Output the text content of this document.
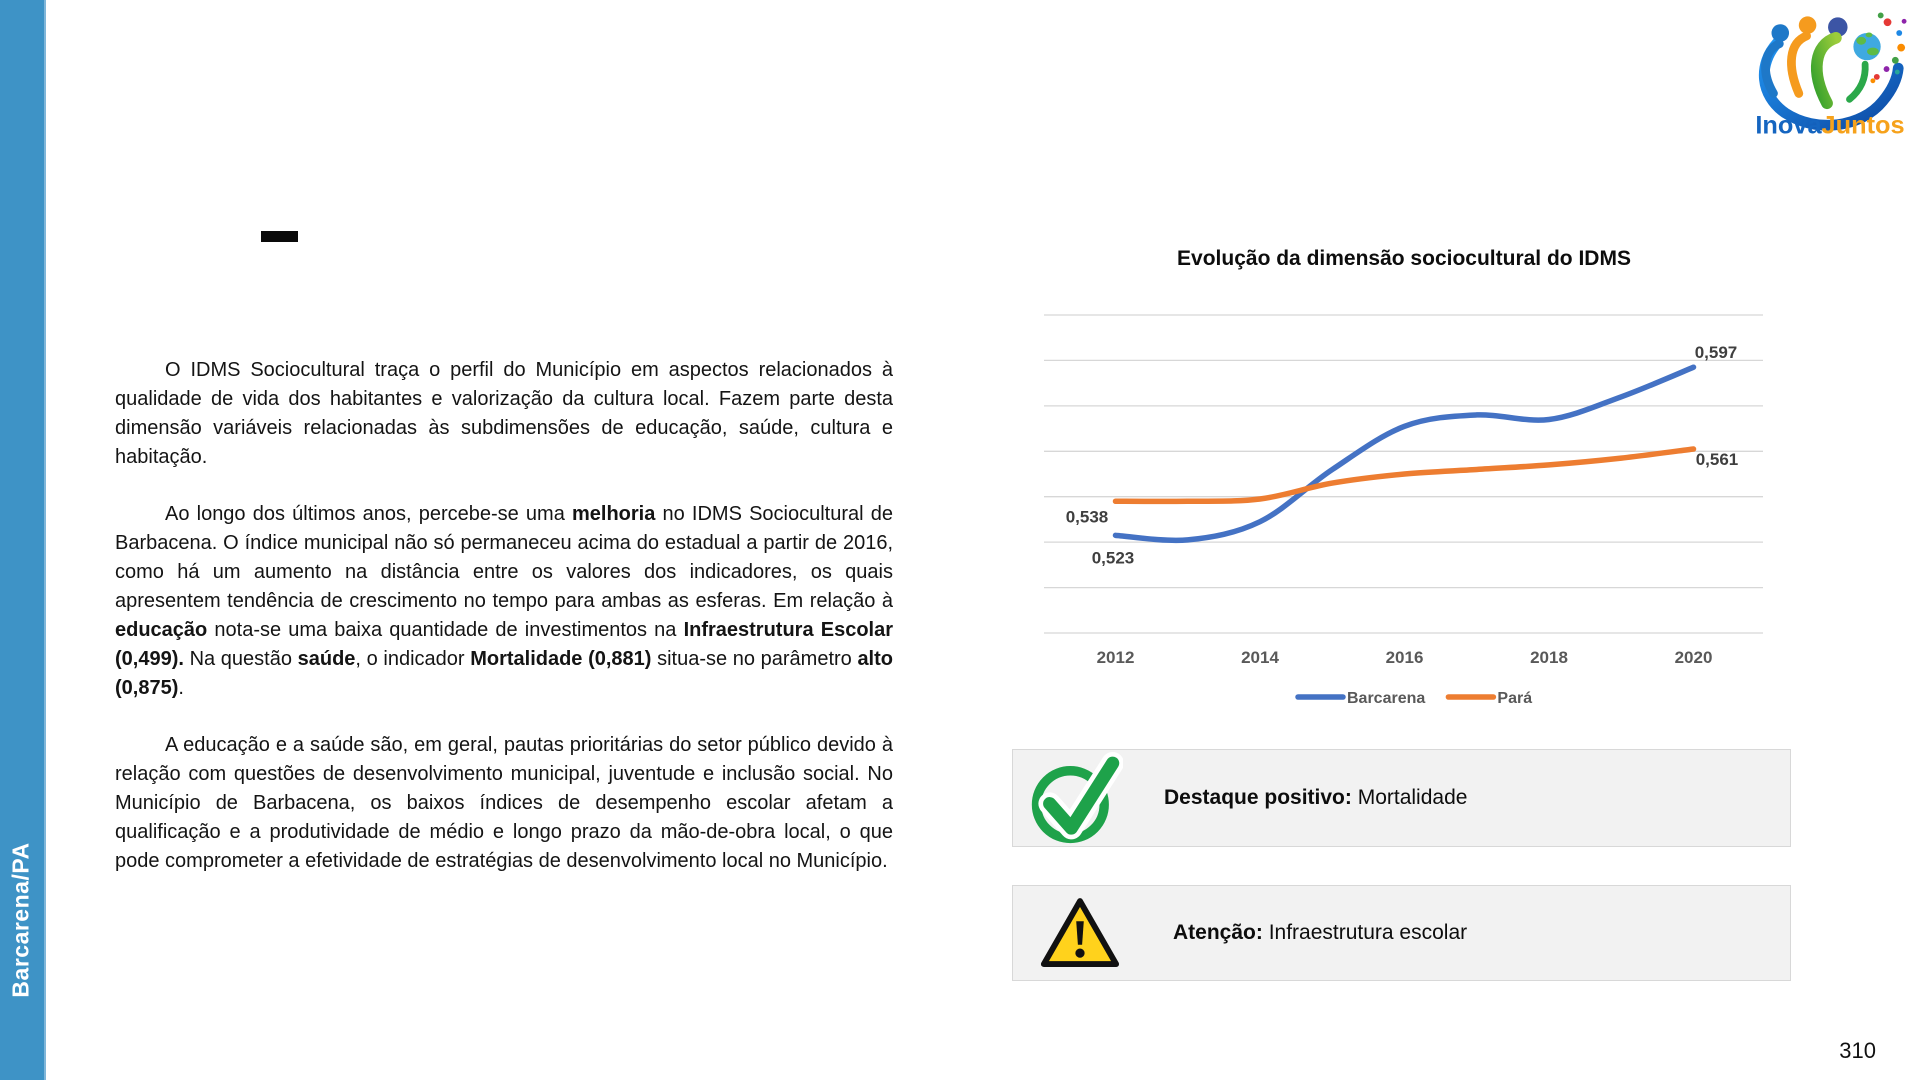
Barcarena/PA
InovaJuntos

O IDMS Sociocultural traça o perfil do Município em aspectos relacionados à qualidade de vida dos habitantes e valorização da cultura local. Fazem parte desta dimensão variáveis relacionadas às subdimensões de educação, saúde, cultura e habitação.

Ao longo dos últimos anos, percebe-se uma melhoria no IDMS Sociocultural de Barbacena. O índice municipal não só permaneceu acima do estadual a partir de 2016, como há um aumento na distância entre os valores dos indicadores, os quais apresentem tendência de crescimento no tempo para ambas as esferas. Em relação à educação nota-se uma baixa quantidade de investimentos na Infraestrutura Escolar (0,499). Na questão saúde, o indicador Mortalidade (0,881) situa-se no parâmetro alto (0,875).

A educação e a saúde são, em geral, pautas prioritárias do setor público devido à relação com questões de desenvolvimento municipal, juventude e inclusão social. No Município de Barbacena, os baixos índices de desempenho escolar afetam a qualificação e a produtividade de médio e longo prazo da mão-de-obra local, o que pode comprometer a efetividade de estratégias de desenvolvimento local no Município.

Evolução da dimensão sociocultural do IDMS
2012	2014	2016	2018	2020
0,523
0,597
0,538
0,561
Barcarena	Pará
Destaque positivo: Mortalidade
Atenção: Infraestrutura escolar
310
